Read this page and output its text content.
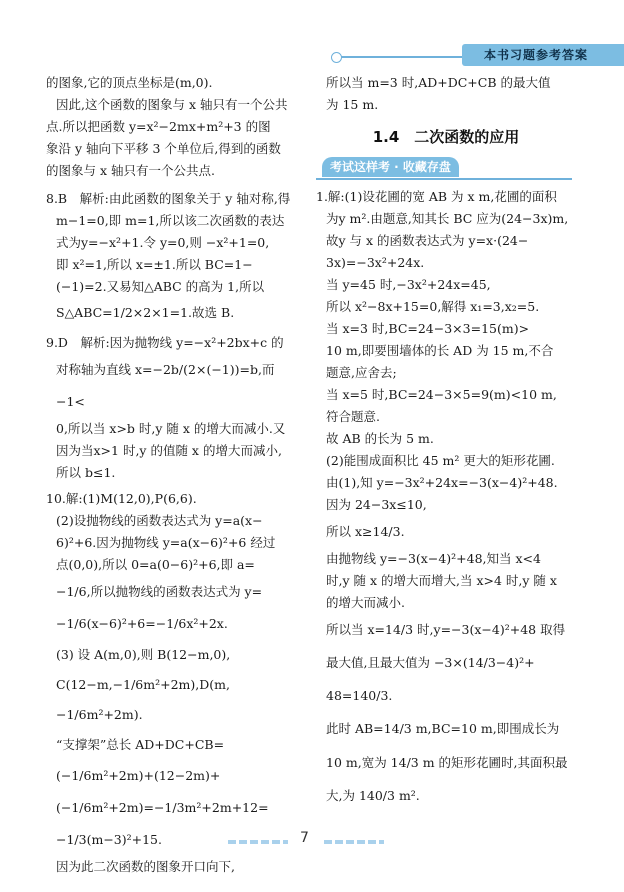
本书习题参考答案

的图象,它的顶点坐标是(m,0).

因此,这个函数的图象与 x 轴只有一个公共

点.所以把函数 y=x²−2mx+m²+3 的图

象沿 y 轴向下平移 3 个单位后,得到的函数

的图象与 x 轴只有一个公共点.

8.B　解析:由此函数的图象关于 y 轴对称,得

m−1=0,即 m=1,所以该二次函数的表达

式为y=−x²+1.令 y=0,则 −x²+1=0,

即 x²=1,所以 x=±1.所以 BC=1−

(−1)=2.又易知△ABC 的高为 1,所以

S△ABC=1/2×2×1=1.故选 B.

9.D　解析:因为抛物线 y=−x²+2bx+c 的

对称轴为直线 x=−2b/(2×(−1))=b,而 −1<

0,所以当 x>b 时,y 随 x 的增大而减小.又

因为当x>1 时,y 的值随 x 的增大而减小,

所以 b≤1.

10.解:(1)M(12,0),P(6,6).

(2)设抛物线的函数表达式为 y=a(x−

6)²+6.因为抛物线 y=a(x−6)²+6 经过

点(0,0),所以 0=a(0−6)²+6,即 a=

−1/6,所以抛物线的函数表达式为 y=

−1/6(x−6)²+6=−1/6x²+2x.

(3) 设 A(m,0),则 B(12−m,0),

C(12−m,−1/6m²+2m),D(m,−1/6m²+2m).

“支撑架”总长 AD+DC+CB=

(−1/6m²+2m)+(12−2m)+

(−1/6m²+2m)=−1/3m²+2m+12=

−1/3(m−3)²+15.

因为此二次函数的图象开口向下,

所以当 m=3 时,AD+DC+CB 的最大值

为 15 m.

1.4　二次函数的应用

考试这样考 · 收藏存盘

1.解:(1)设花圃的宽 AB 为 x m,花圃的面积

为y m².由题意,知其长 BC 应为(24−3x)m,

故y 与 x 的函数表达式为 y=x·(24−

3x)=−3x²+24x.

当 y=45 时,−3x²+24x=45,

所以 x²−8x+15=0,解得 x₁=3,x₂=5.

当 x=3 时,BC=24−3×3=15(m)>

10 m,即要围墙体的长 AD 为 15 m,不合

题意,应舍去;

当 x=5 时,BC=24−3×5=9(m)<10 m,

符合题意.

故 AB 的长为 5 m.

(2)能围成面积比 45 m² 更大的矩形花圃.

由(1),知 y=−3x²+24x=−3(x−4)²+48.

因为 24−3x≤10,

所以 x≥14/3.

由抛物线 y=−3(x−4)²+48,知当 x<4

时,y 随 x 的增大而增大,当 x>4 时,y 随 x

的增大而减小.

所以当 x=14/3 时,y=−3(x−4)²+48 取得

最大值,且最大值为 −3×(14/3−4)²+

48=140/3.

此时 AB=14/3 m,BC=10 m,即围成长为

10 m,宽为 14/3 m 的矩形花圃时,其面积最

大,为 140/3 m².

7
